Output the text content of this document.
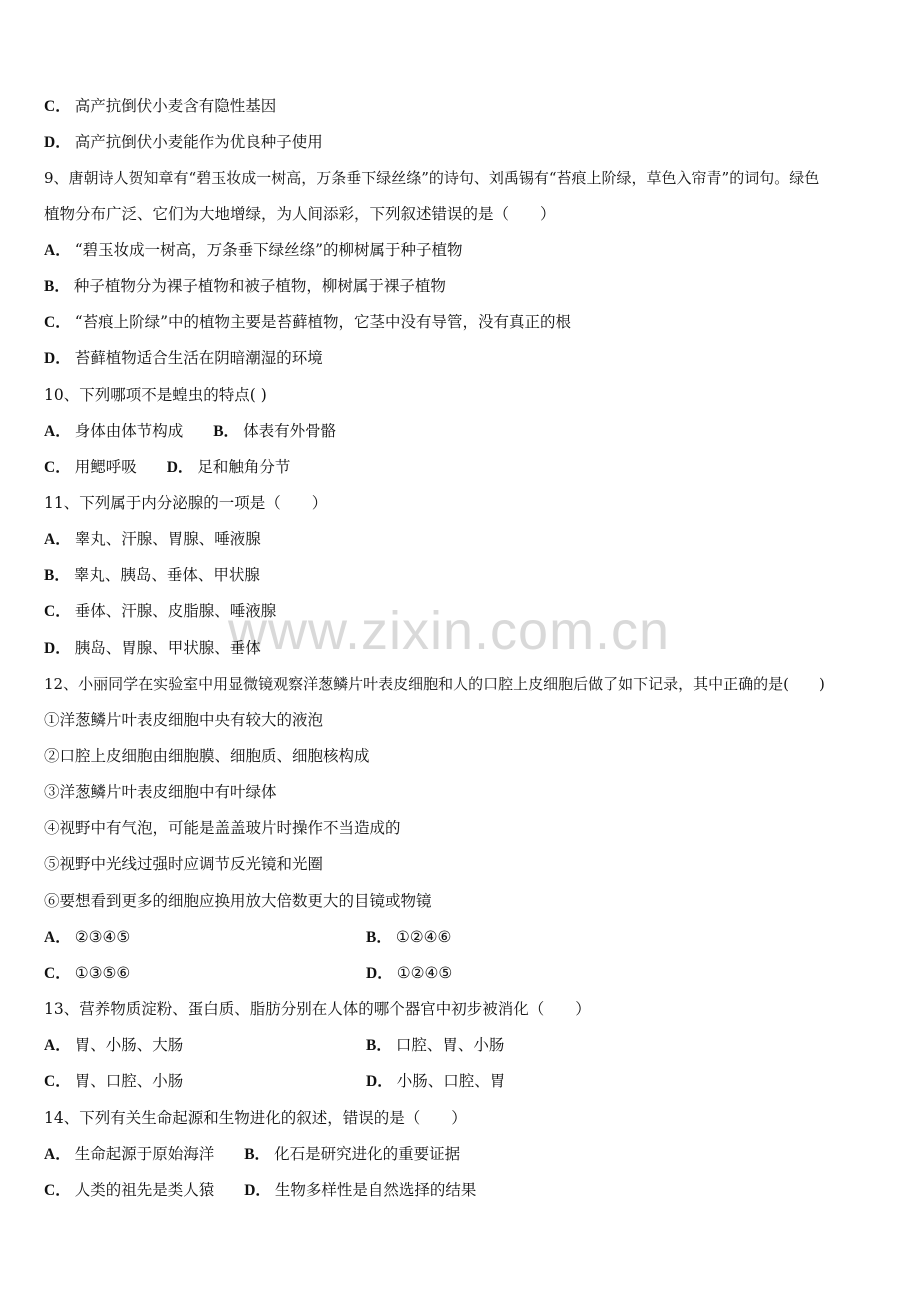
www.zixin.com.cn
C． 高产抗倒伏小麦含有隐性基因
D． 高产抗倒伏小麦能作为优良种子使用
9、唐朝诗人贺知章有“碧玉妆成一树高，万条垂下绿丝绦”的诗句、刘禹锡有“苔痕上阶绿，草色入帘青”的词句。绿色
植物分布广泛、它们为大地增绿，为人间添彩，下列叙述错误的是（　　）
A． “碧玉妆成一树高，万条垂下绿丝绦”的柳树属于种子植物
B． 种子植物分为裸子植物和被子植物，柳树属于裸子植物
C． “苔痕上阶绿”中的植物主要是苔藓植物，它茎中没有导管，没有真正的根
D． 苔藓植物适合生活在阴暗潮湿的环境
10、下列哪项不是蝗虫的特点( )
A． 身体由体节构成 B． 体表有外骨骼
C． 用鳃呼吸 D． 足和触角分节
11、下列属于内分泌腺的一项是（　　）
A． 睾丸、汗腺、胃腺、唾液腺
B． 睾丸、胰岛、垂体、甲状腺
C． 垂体、汗腺、皮脂腺、唾液腺
D． 胰岛、胃腺、甲状腺、垂体
12、小丽同学在实验室中用显微镜观察洋葱鳞片叶表皮细胞和人的口腔上皮细胞后做了如下记录，其中正确的是(　　)
①洋葱鳞片叶表皮细胞中央有较大的液泡
②口腔上皮细胞由细胞膜、细胞质、细胞核构成
③洋葱鳞片叶表皮细胞中有叶绿体
④视野中有气泡，可能是盖盖玻片时操作不当造成的
⑤视野中光线过强时应调节反光镜和光圈
⑥要想看到更多的细胞应换用放大倍数更大的目镜或物镜
A． ②③④⑤	B． ①②④⑥
C． ①③⑤⑥	D． ①②④⑤
13、营养物质淀粉、蛋白质、脂肪分别在人体的哪个器官中初步被消化（　　）
A． 胃、小肠、大肠	B． 口腔、胃、小肠
C． 胃、口腔、小肠	D． 小肠、口腔、胃
14、下列有关生命起源和生物进化的叙述，错误的是（　　）
A． 生命起源于原始海洋 B． 化石是研究进化的重要证据
C． 人类的祖先是类人猿 D． 生物多样性是自然选择的结果
